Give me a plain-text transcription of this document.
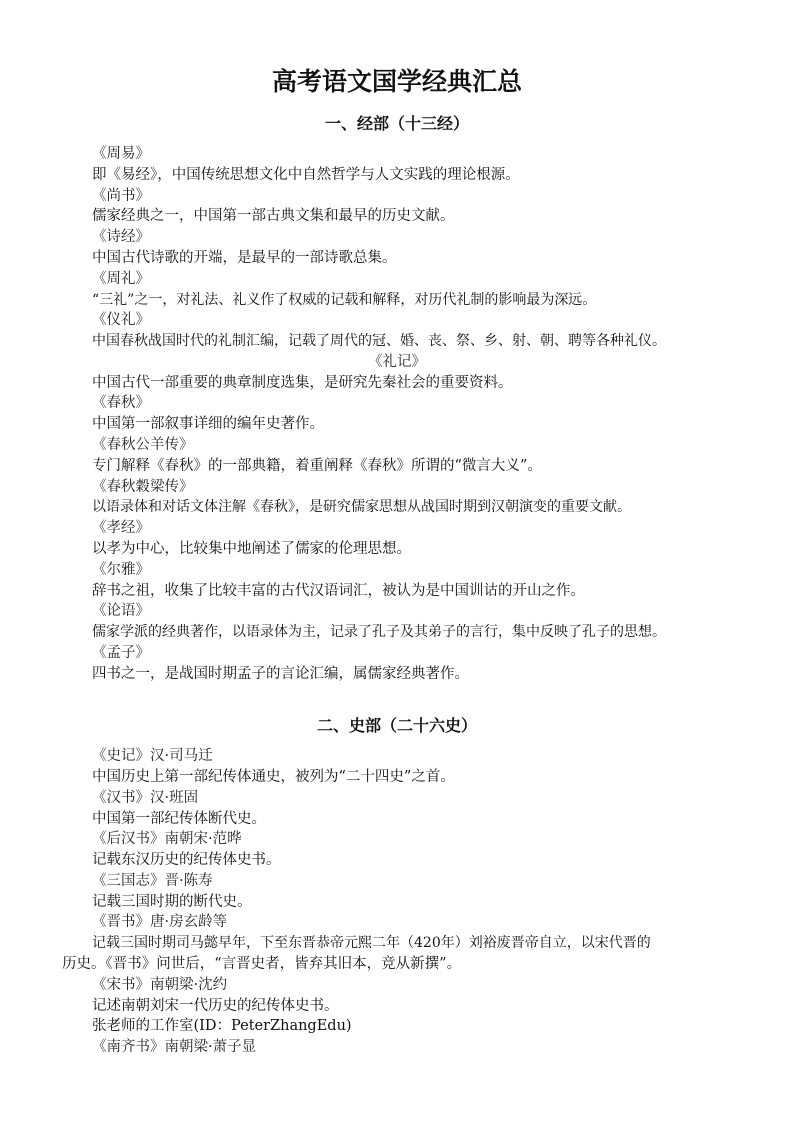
高考语文国学经典汇总
一、经部（十三经）
《周易》
即《易经》，中国传统思想文化中自然哲学与人文实践的理论根源。
《尚书》
儒家经典之一，中国第一部古典文集和最早的历史文献。
《诗经》
中国古代诗歌的开端，是最早的一部诗歌总集。
《周礼》
“三礼”之一，对礼法、礼义作了权威的记载和解释，对历代礼制的影响最为深远。
《仪礼》
中国春秋战国时代的礼制汇编，记载了周代的冠、婚、丧、祭、乡、射、朝、聘等各种礼仪。
《礼记》
中国古代一部重要的典章制度选集，是研究先秦社会的重要资料。
《春秋》
中国第一部叙事详细的编年史著作。
《春秋公羊传》
专门解释《春秋》的一部典籍，着重阐释《春秋》所谓的“微言大义”。
《春秋穀梁传》
以语录体和对话文体注解《春秋》，是研究儒家思想从战国时期到汉朝演变的重要文献。
《孝经》
以孝为中心，比较集中地阐述了儒家的伦理思想。
《尔雅》
辞书之祖，收集了比较丰富的古代汉语词汇，被认为是中国训诂的开山之作。
《论语》
儒家学派的经典著作，以语录体为主，记录了孔子及其弟子的言行，集中反映了孔子的思想。
《孟子》
四书之一，是战国时期孟子的言论汇编，属儒家经典著作。
二、史部（二十六史）
《史记》汉·司马迁
中国历史上第一部纪传体通史，被列为“二十四史”之首。
《汉书》汉·班固
中国第一部纪传体断代史。
《后汉书》南朝宋·范晔
记载东汉历史的纪传体史书。
《三国志》晋·陈寿
记载三国时期的断代史。
《晋书》唐·房玄龄等
记载三国时期司马懿早年，下至东晋恭帝元熙二年（420年）刘裕废晋帝自立，以宋代晋的
历史。《晋书》问世后，“言晋史者，皆弃其旧本，竞从新撰”。
《宋书》南朝梁·沈约
记述南朝刘宋一代历史的纪传体史书。
张老师的工作室(ID：PeterZhangEdu)
《南齐书》南朝梁·萧子显
